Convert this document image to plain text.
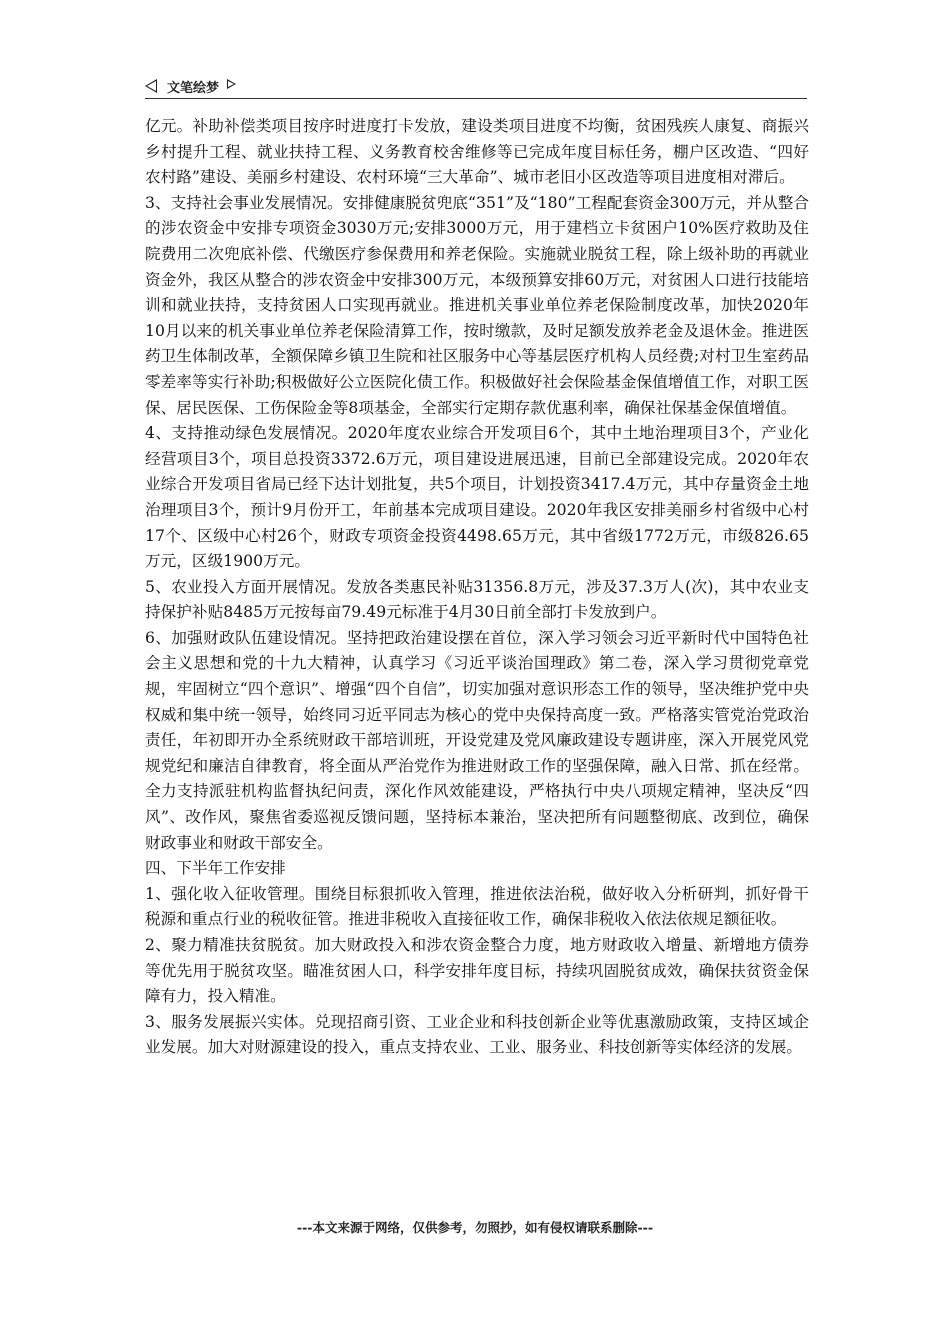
文笔绘梦

亿元。补助补偿类项目按序时进度打卡发放，建设类项目进度不均衡，贫困残疾人康复、商振兴乡村提升工程、就业扶持工程、义务教育校舍维修等已完成年度目标任务，棚户区改造、“四好农村路”建设、美丽乡村建设、农村环境“三大革命”、城市老旧小区改造等项目进度相对滞后。

3、支持社会事业发展情况。安排健康脱贫兜底“351”及“180”工程配套资金300万元，并从整合的涉农资金中安排专项资金3030万元;安排3000万元，用于建档立卡贫困户10%医疗救助及住院费用二次兜底补偿、代缴医疗参保费用和养老保险。实施就业脱贫工程，除上级补助的再就业资金外，我区从整合的涉农资金中安排300万元，本级预算安排60万元，对贫困人口进行技能培训和就业扶持，支持贫困人口实现再就业。推进机关事业单位养老保险制度改革，加快2020年10月以来的机关事业单位养老保险清算工作，按时缴款，及时足额发放养老金及退休金。推进医药卫生体制改革，全额保障乡镇卫生院和社区服务中心等基层医疗机构人员经费;对村卫生室药品零差率等实行补助;积极做好公立医院化债工作。积极做好社会保险基金保值增值工作，对职工医保、居民医保、工伤保险金等8项基金，全部实行定期存款优惠利率，确保社保基金保值增值。

4、支持推动绿色发展情况。2020年度农业综合开发项目6个，其中土地治理项目3个，产业化经营项目3个，项目总投资3372.6万元，项目建设进展迅速，目前已全部建设完成。2020年农业综合开发项目省局已经下达计划批复，共5个项目，计划投资3417.4万元，其中存量资金土地治理项目3个，预计9月份开工，年前基本完成项目建设。2020年我区安排美丽乡村省级中心村17个、区级中心村26个，财政专项资金投资4498.65万元，其中省级1772万元，市级826.65万元，区级1900万元。

5、农业投入方面开展情况。发放各类惠民补贴31356.8万元，涉及37.3万人(次)，其中农业支持保护补贴8485万元按每亩79.49元标准于4月30日前全部打卡发放到户。

6、加强财政队伍建设情况。坚持把政治建设摆在首位，深入学习领会习近平新时代中国特色社会主义思想和党的十九大精神，认真学习《习近平谈治国理政》第二卷，深入学习贯彻党章党规，牢固树立“四个意识”、增强“四个自信”，切实加强对意识形态工作的领导，坚决维护党中央权威和集中统一领导，始终同习近平同志为核心的党中央保持高度一致。严格落实管党治党政治责任，年初即开办全系统财政干部培训班，开设党建及党风廉政建设专题讲座，深入开展党风党规党纪和廉洁自律教育，将全面从严治党作为推进财政工作的坚强保障，融入日常、抓在经常。全力支持派驻机构监督执纪问责，深化作风效能建设，严格执行中央八项规定精神，坚决反“四风”、改作风，聚焦省委巡视反馈问题，坚持标本兼治，坚决把所有问题整彻底、改到位，确保财政事业和财政干部安全。

四、下半年工作安排

1、强化收入征收管理。围绕目标狠抓收入管理，推进依法治税，做好收入分析研判，抓好骨干税源和重点行业的税收征管。推进非税收入直接征收工作，确保非税收入依法依规足额征收。

2、聚力精准扶贫脱贫。加大财政投入和涉农资金整合力度，地方财政收入增量、新增地方债券等优先用于脱贫攻坚。瞄准贫困人口，科学安排年度目标，持续巩固脱贫成效，确保扶贫资金保障有力，投入精准。

3、服务发展振兴实体。兑现招商引资、工业企业和科技创新企业等优惠激励政策，支持区域企业发展。加大对财源建设的投入，重点支持农业、工业、服务业、科技创新等实体经济的发展。

---本文来源于网络，仅供参考，勿照抄，如有侵权请联系删除---
